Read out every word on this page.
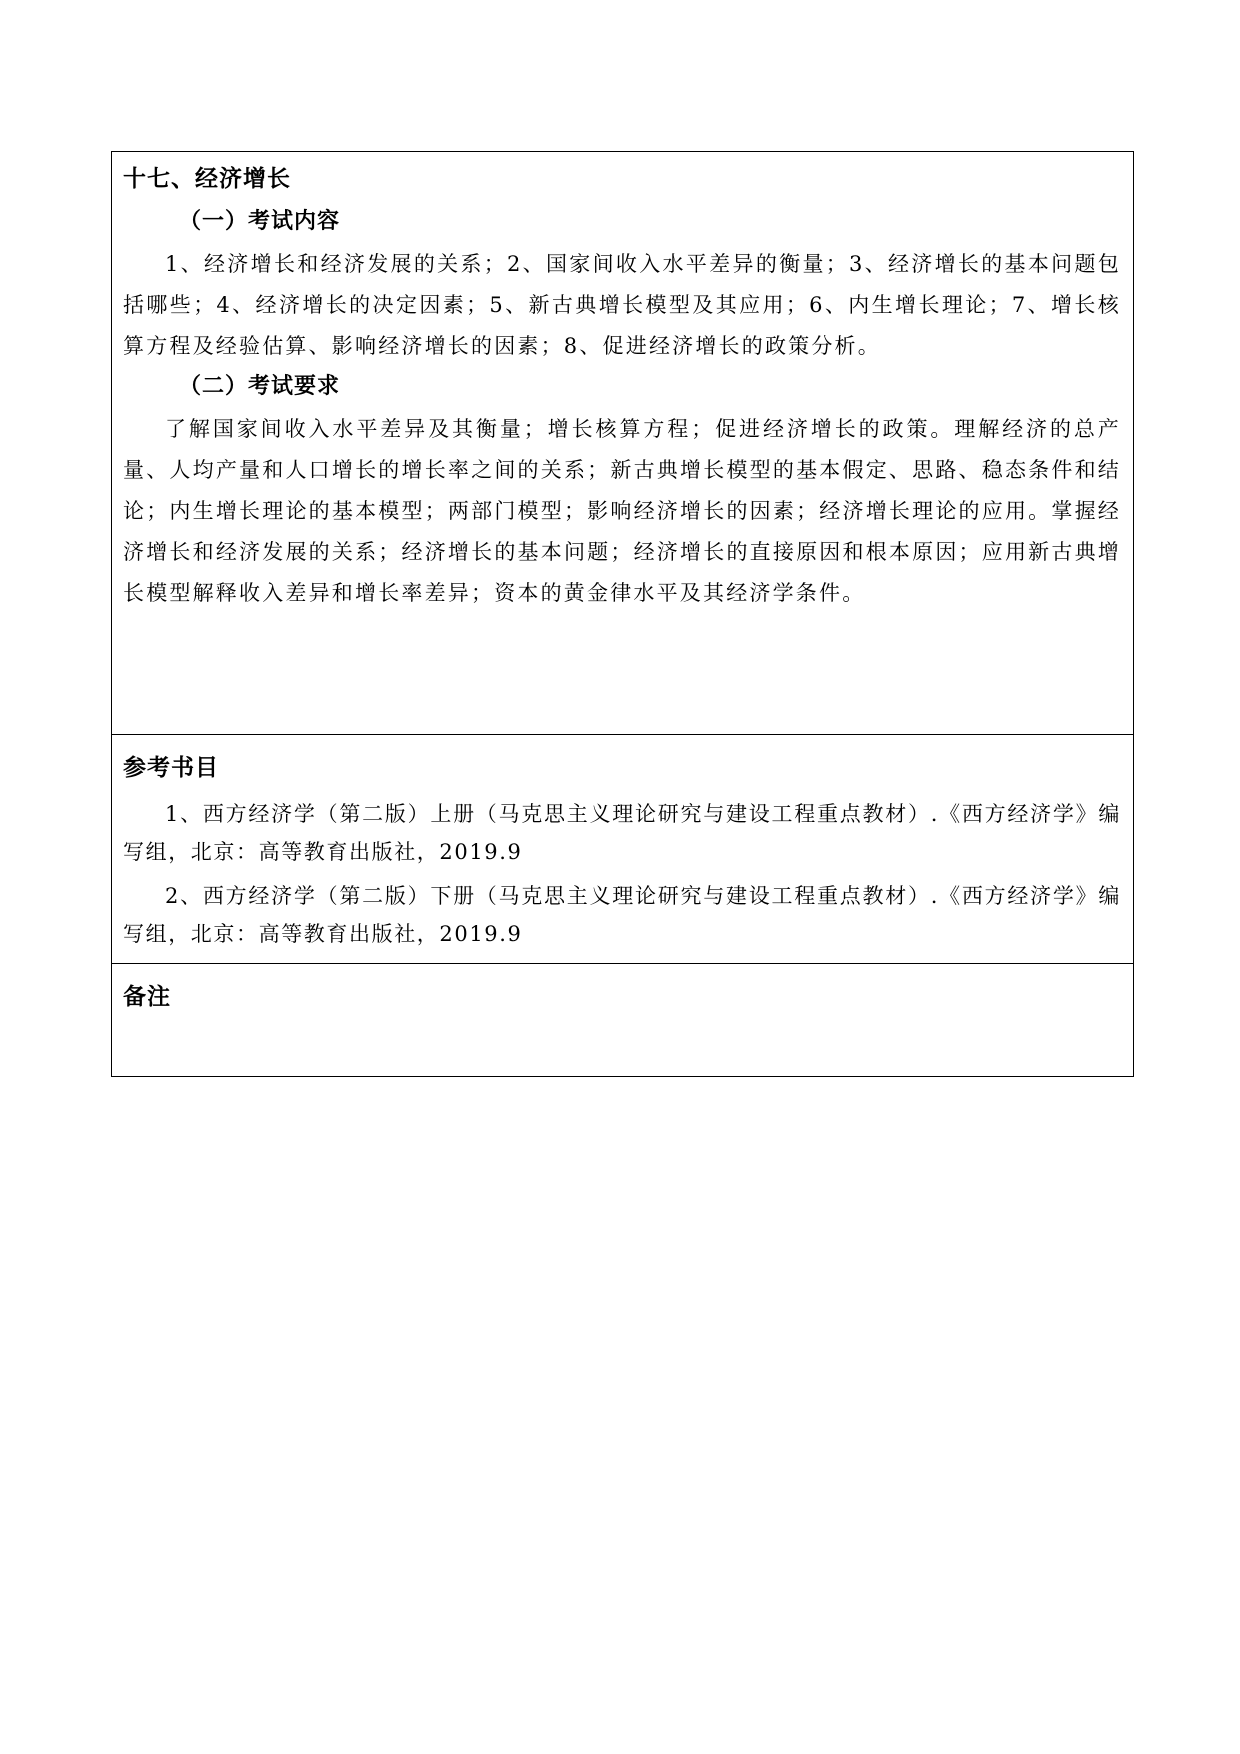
十七、经济增长

（一）考试内容

1、经济增长和经济发展的关系；2、国家间收入水平差异的衡量；3、经济增长的基本问题包括哪些；4、经济增长的决定因素；5、新古典增长模型及其应用；6、内生增长理论；7、增长核算方程及经验估算、影响经济增长的因素；8、促进经济增长的政策分析。

（二）考试要求

了解国家间收入水平差异及其衡量；增长核算方程；促进经济增长的政策。理解经济的总产量、人均产量和人口增长的增长率之间的关系；新古典增长模型的基本假定、思路、稳态条件和结论；内生增长理论的基本模型；两部门模型；影响经济增长的因素；经济增长理论的应用。掌握经济增长和经济发展的关系；经济增长的基本问题；经济增长的直接原因和根本原因；应用新古典增长模型解释收入差异和增长率差异；资本的黄金律水平及其经济学条件。

参考书目

1、西方经济学（第二版）上册（马克思主义理论研究与建设工程重点教材）.《西方经济学》编写组，北京：高等教育出版社，2019.9

2、西方经济学（第二版）下册（马克思主义理论研究与建设工程重点教材）.《西方经济学》编写组，北京：高等教育出版社，2019.9

备注
